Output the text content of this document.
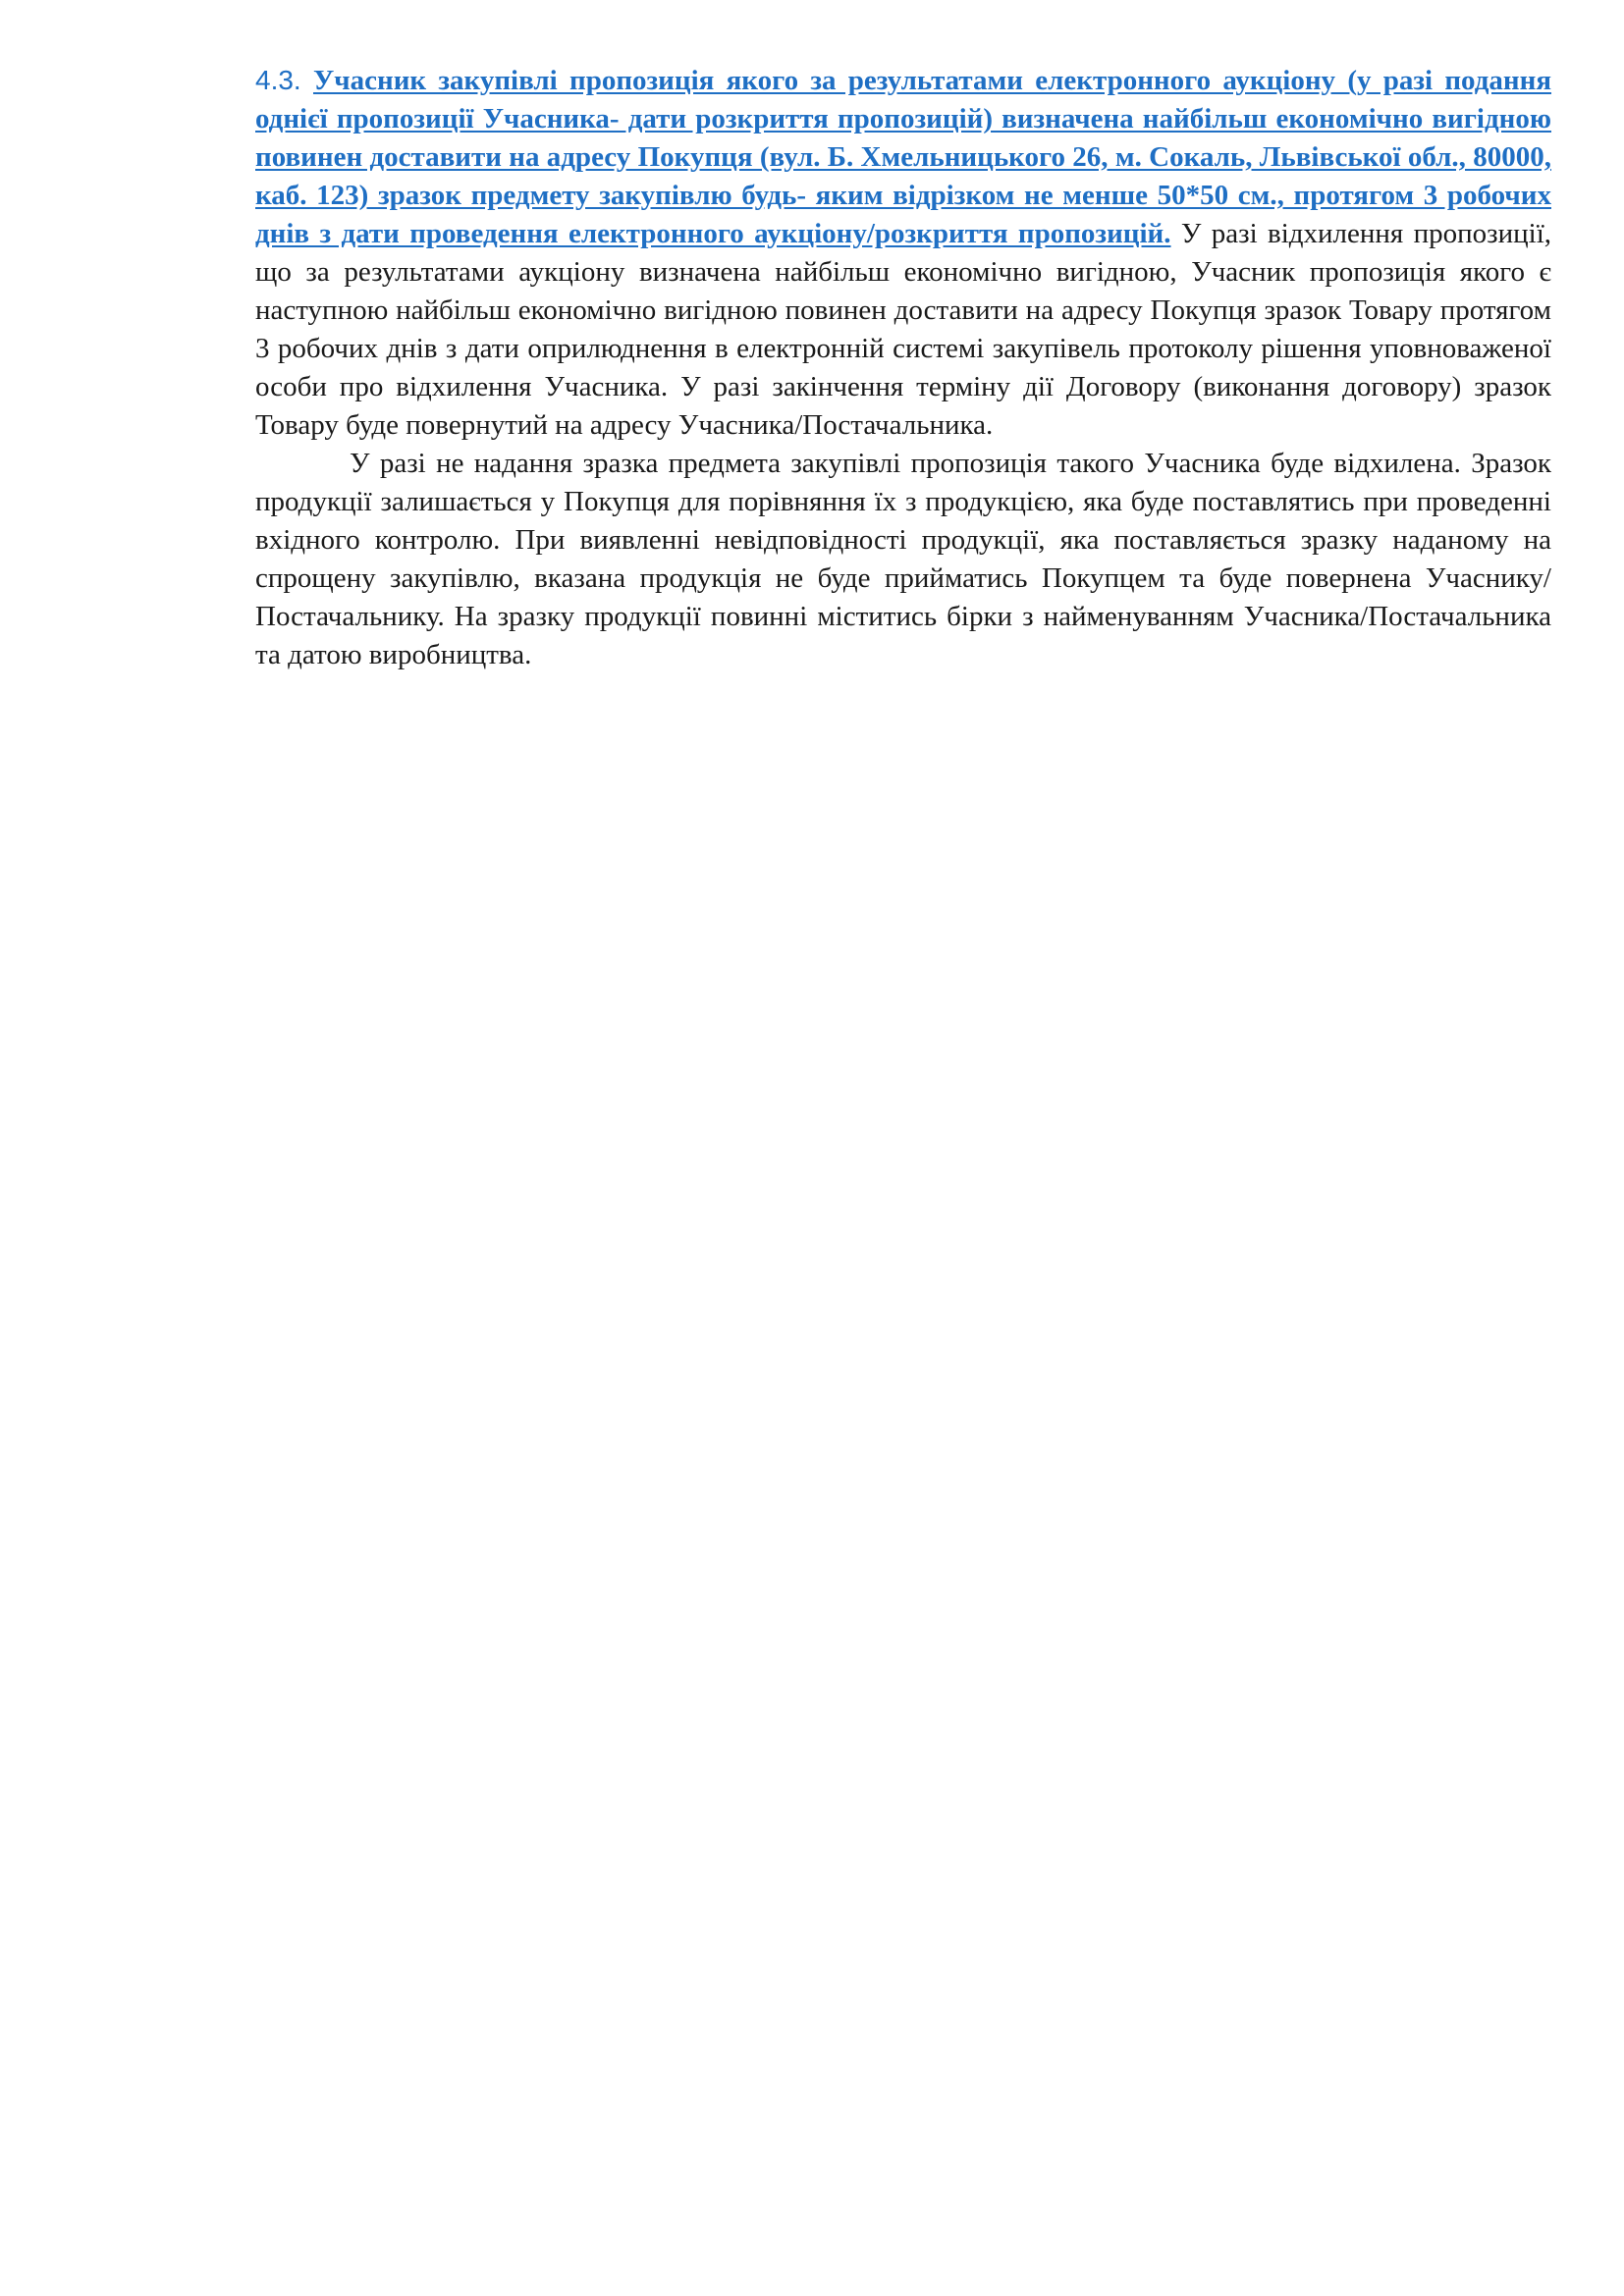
4.3. Учасник закупівлі пропозиція якого за результатами електронного аукціону (у разі подання однієї пропозиції Учасника- дати розкриття пропозицій) визначена найбільш економічно вигідною повинен доставити на адресу Покупця (вул. Б. Хмельницького 26, м. Сокаль, Львівської обл., 80000, каб. 123) зразок предмету закупівлю будь- яким відрізком не менше 50*50 см., протягом 3 робочих днів з дати проведення електронного аукціону/розкриття пропозицій. У разі відхилення пропозиції, що за результатами аукціону визначена найбільш економічно вигідною, Учасник пропозиція якого є наступною найбільш економічно вигідною повинен доставити на адресу Покупця зразок Товару протягом 3 робочих днів з дати оприлюднення в електронній системі закупівель протоколу рішення уповноваженої особи про відхилення Учасника. У разі закінчення терміну дії Договору (виконання договору) зразок Товару буде повернутий на адресу Учасника/Постачальника.

У разі не надання зразка предмета закупівлі пропозиція такого Учасника буде відхилена. Зразок продукції залишається у Покупця для порівняння їх з продукцією, яка буде поставлятись при проведенні вхідного контролю. При виявленні невідповідності продукції, яка поставляється зразку наданому на спрощену закупівлю, вказана продукція не буде прийматись Покупцем та буде повернена Учаснику/Постачальнику. На зразку продукції повинні міститись бірки з найменуванням Учасника/Постачальника та датою виробництва.
